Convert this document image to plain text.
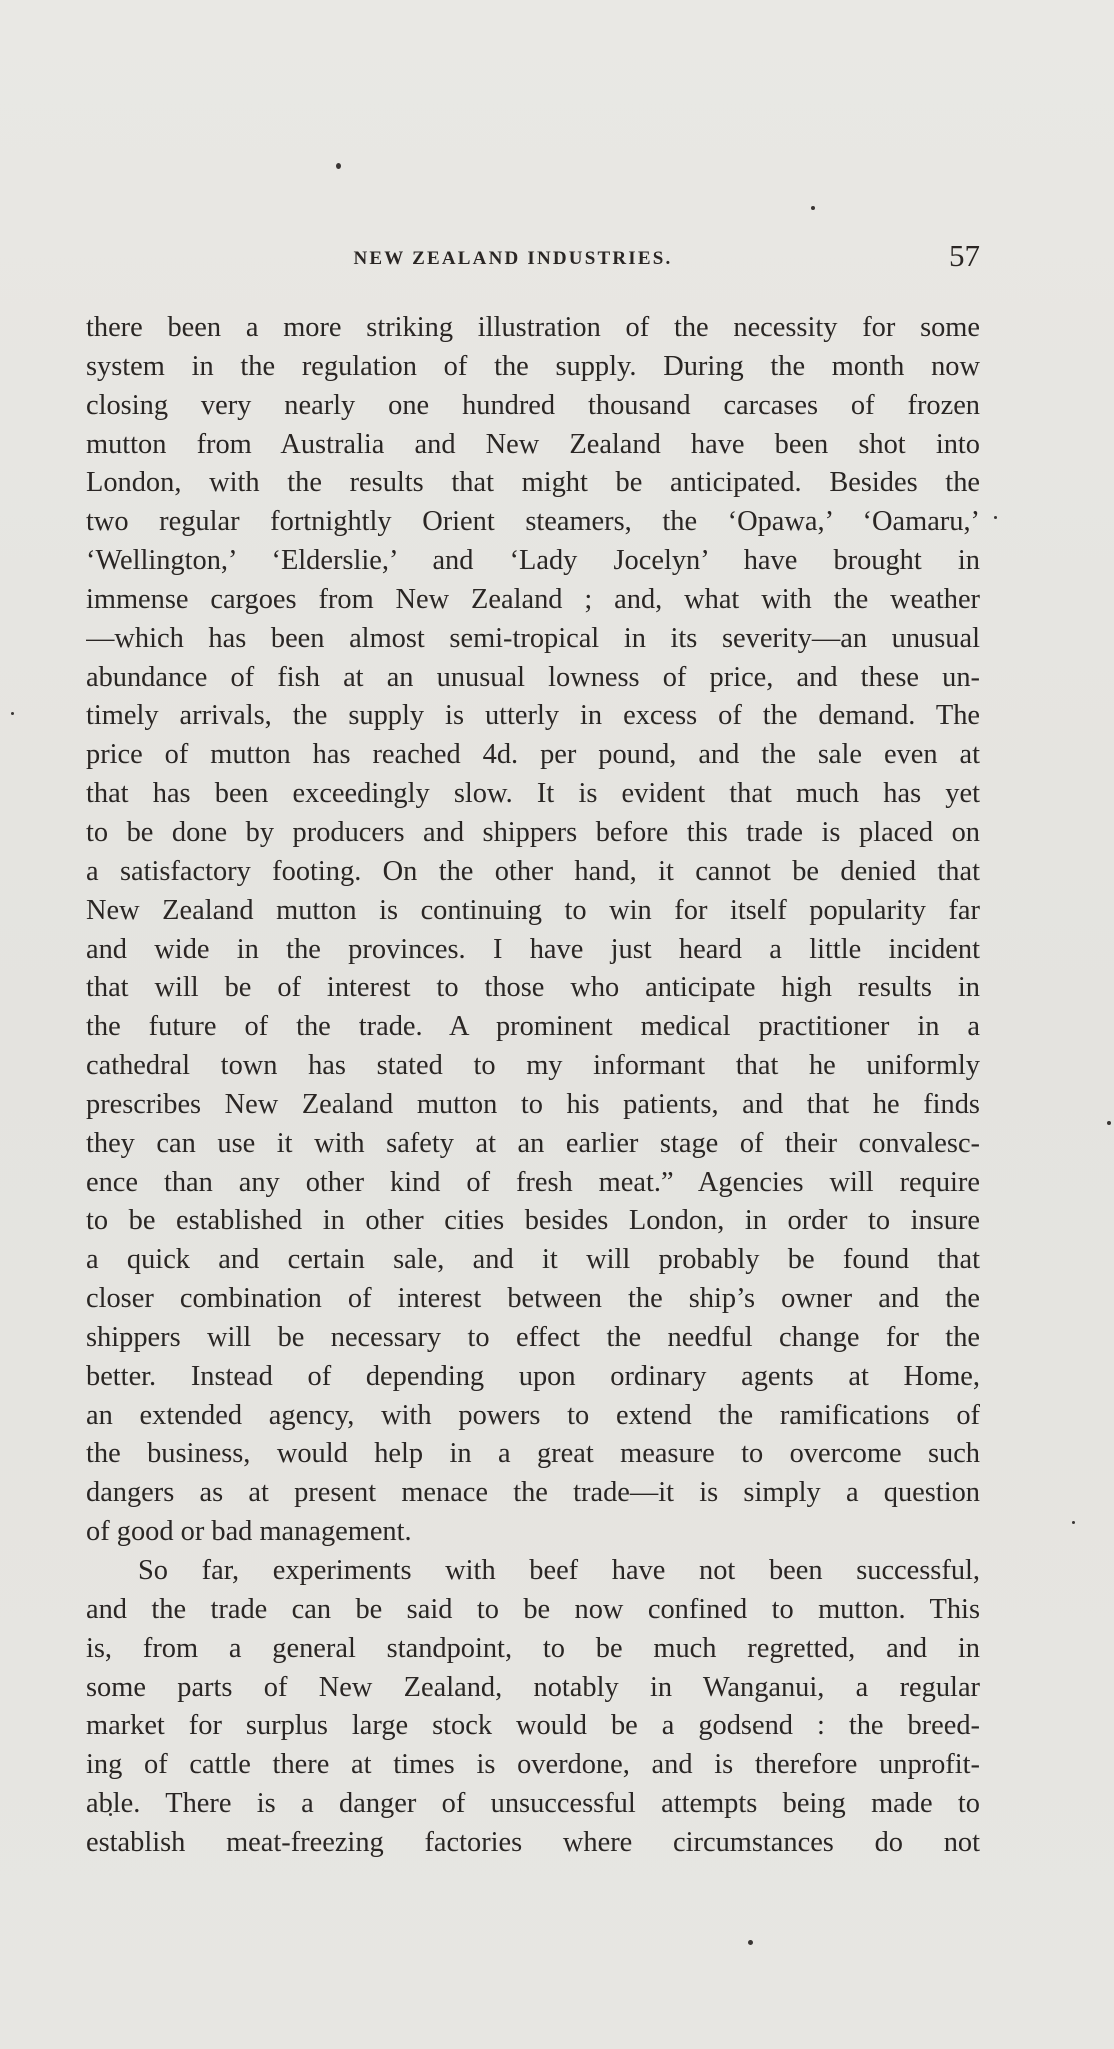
NEW ZEALAND INDUSTRIES.	57
there been a more striking illustration of the necessity for some
system in the regulation of the supply. During the month now
closing very nearly one hundred thousand carcases of frozen
mutton from Australia and New Zealand have been shot into
London, with the results that might be anticipated. Besides the
two regular fortnightly Orient steamers, the ‘Opawa,’ ‘Oamaru,’
‘Wellington,’ ‘Elderslie,’ and ‘Lady Jocelyn’ have brought in
immense cargoes from New Zealand ; and, what with the weather
—which has been almost semi-tropical in its severity—an unusual
abundance of fish at an unusual lowness of price, and these un-
timely arrivals, the supply is utterly in excess of the demand. The
price of mutton has reached 4d. per pound, and the sale even at
that has been exceedingly slow. It is evident that much has yet
to be done by producers and shippers before this trade is placed on
a satisfactory footing. On the other hand, it cannot be denied that
New Zealand mutton is continuing to win for itself popularity far
and wide in the provinces. I have just heard a little incident
that will be of interest to those who anticipate high results in
the future of the trade. A prominent medical practitioner in a
cathedral town has stated to my informant that he uniformly
prescribes New Zealand mutton to his patients, and that he finds
they can use it with safety at an earlier stage of their convalesc-
ence than any other kind of fresh meat.” Agencies will require
to be established in other cities besides London, in order to insure
a quick and certain sale, and it will probably be found that
closer combination of interest between the ship’s owner and the
shippers will be necessary to effect the needful change for the
better. Instead of depending upon ordinary agents at Home,
an extended agency, with powers to extend the ramifications of
the business, would help in a great measure to overcome such
dangers as at present menace the trade—it is simply a question
of good or bad management.
So far, experiments with beef have not been successful,
and the trade can be said to be now confined to mutton. This
is, from a general standpoint, to be much regretted, and in
some parts of New Zealand, notably in Wanganui, a regular
market for surplus large stock would be a godsend : the breed-
ing of cattle there at times is overdone, and is therefore unprofit-
able. There is a danger of unsuccessful attempts being made to
establish meat-freezing factories where circumstances do not
